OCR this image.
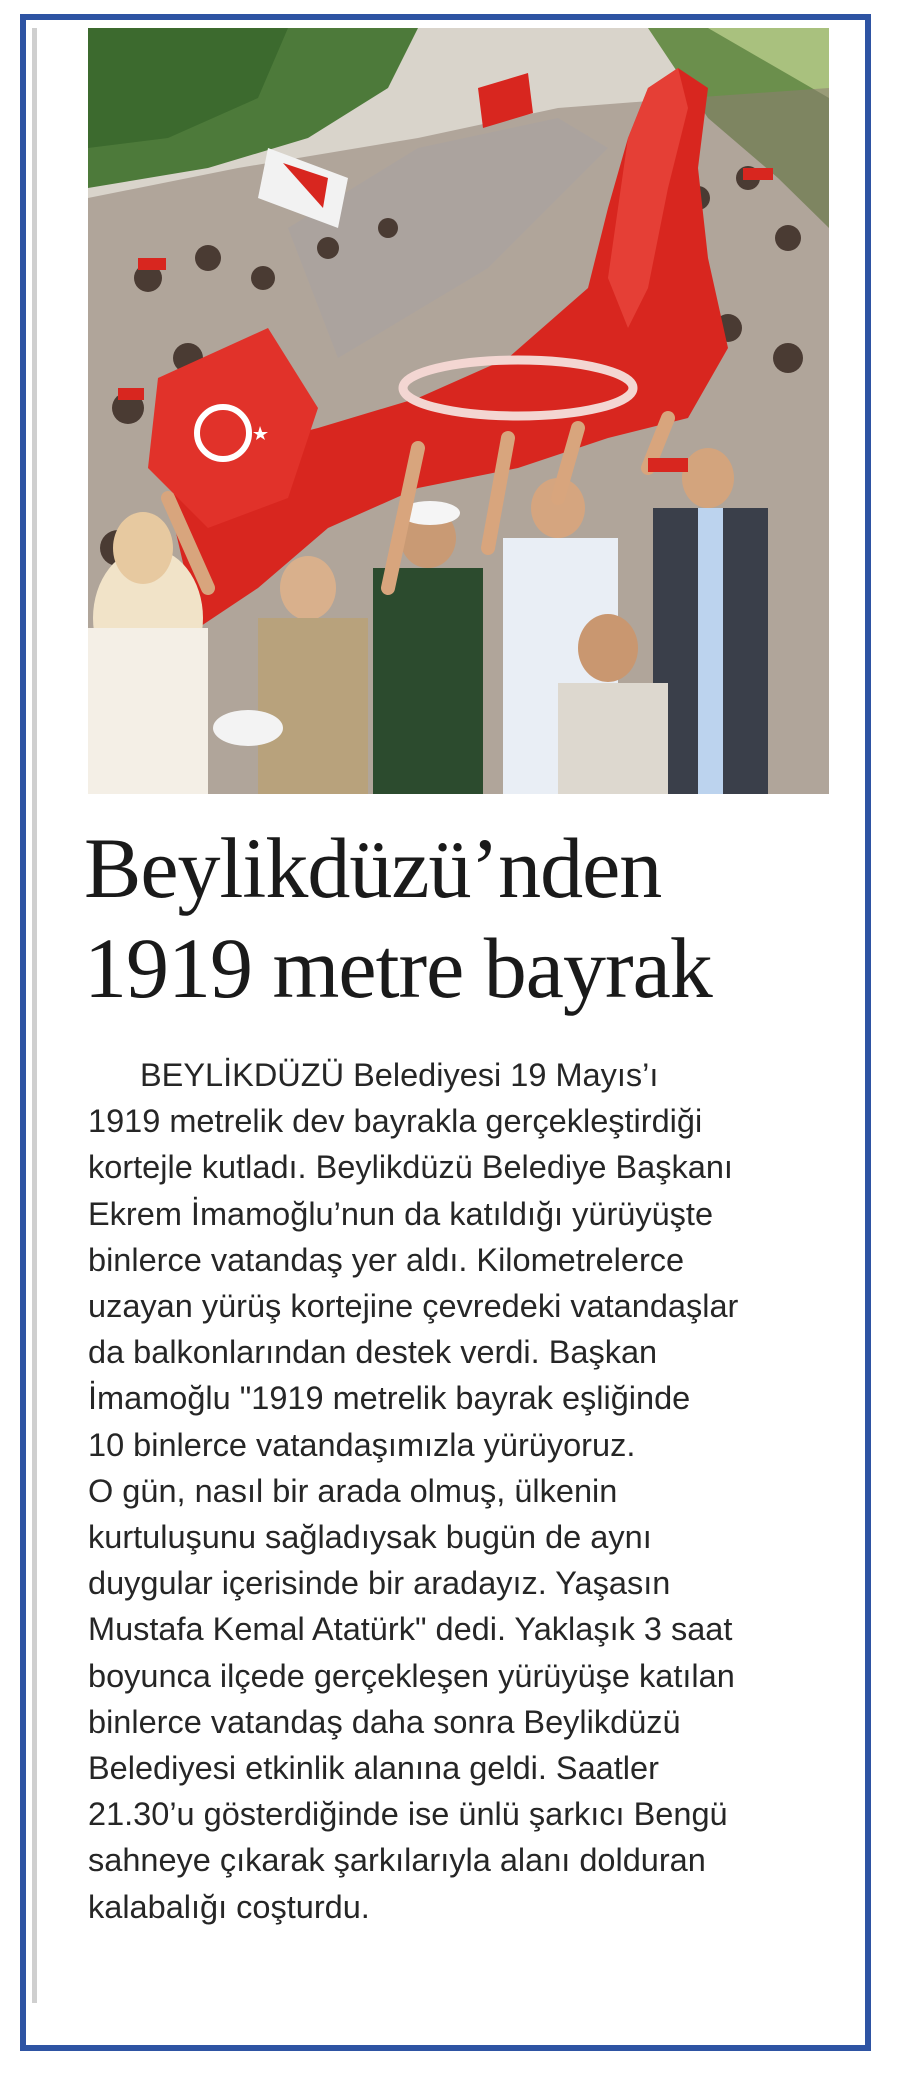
Beylikdüzü’nden
1919 metre bayrak
BEYLİKDÜZÜ Belediyesi 19 Mayıs’ı
1919 metrelik dev bayrakla gerçekleştirdiği
kortejle kutladı. Beylikdüzü Belediye Başkanı
Ekrem İmamoğlu’nun da katıldığı yürüyüşte
binlerce vatandaş yer aldı. Kilometrelerce
uzayan yürüş kortejine çevredeki vatandaşlar
da balkonlarından destek verdi. Başkan
İmamoğlu "1919 metrelik bayrak eşliğinde
10 binlerce vatandaşımızla yürüyoruz.
O gün, nasıl bir arada olmuş, ülkenin
kurtuluşunu sağladıysak bugün de aynı
duygular içerisinde bir aradayız. Yaşasın
Mustafa Kemal Atatürk" dedi. Yaklaşık 3 saat
boyunca ilçede gerçekleşen yürüyüşe katılan
binlerce vatandaş daha sonra Beylikdüzü
Belediyesi etkinlik alanına geldi. Saatler
21.30’u gösterdiğinde ise ünlü şarkıcı Bengü
sahneye çıkarak şarkılarıyla alanı dolduran
kalabalığı coşturdu.
